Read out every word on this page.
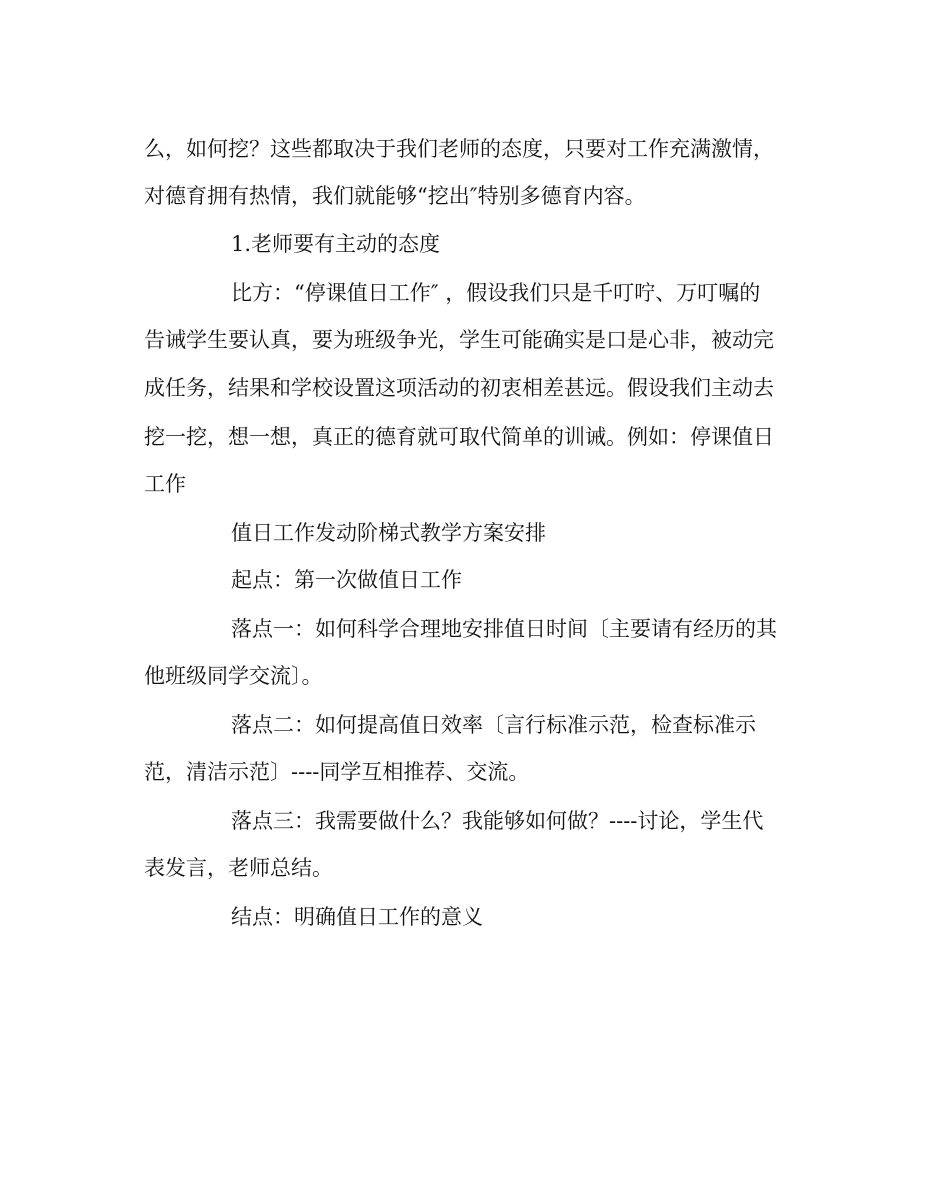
么，如何挖？这些都取决于我们老师的态度，只要对工作充满激情，
对德育拥有热情，我们就能够“挖出″特别多德育内容。
1.老师要有主动的态度
比方：“停课值日工作″ ，假设我们只是千叮咛、万叮嘱的
告诫学生要认真，要为班级争光，学生可能确实是口是心非，被动完
成任务，结果和学校设置这项活动的初衷相差甚远。假设我们主动去
挖一挖，想一想，真正的德育就可取代简单的训诫。例如：停课值日
工作
值日工作发动阶梯式教学方案安排
起点：第一次做值日工作
落点一：如何科学合理地安排值日时间〔主要请有经历的其
他班级同学交流〕。
落点二：如何提高值日效率〔言行标准示范，检查标准示
范，清洁示范〕----同学互相推荐、交流。
落点三：我需要做什么？我能够如何做？----讨论，学生代
表发言，老师总结。
结点：明确值日工作的意义
